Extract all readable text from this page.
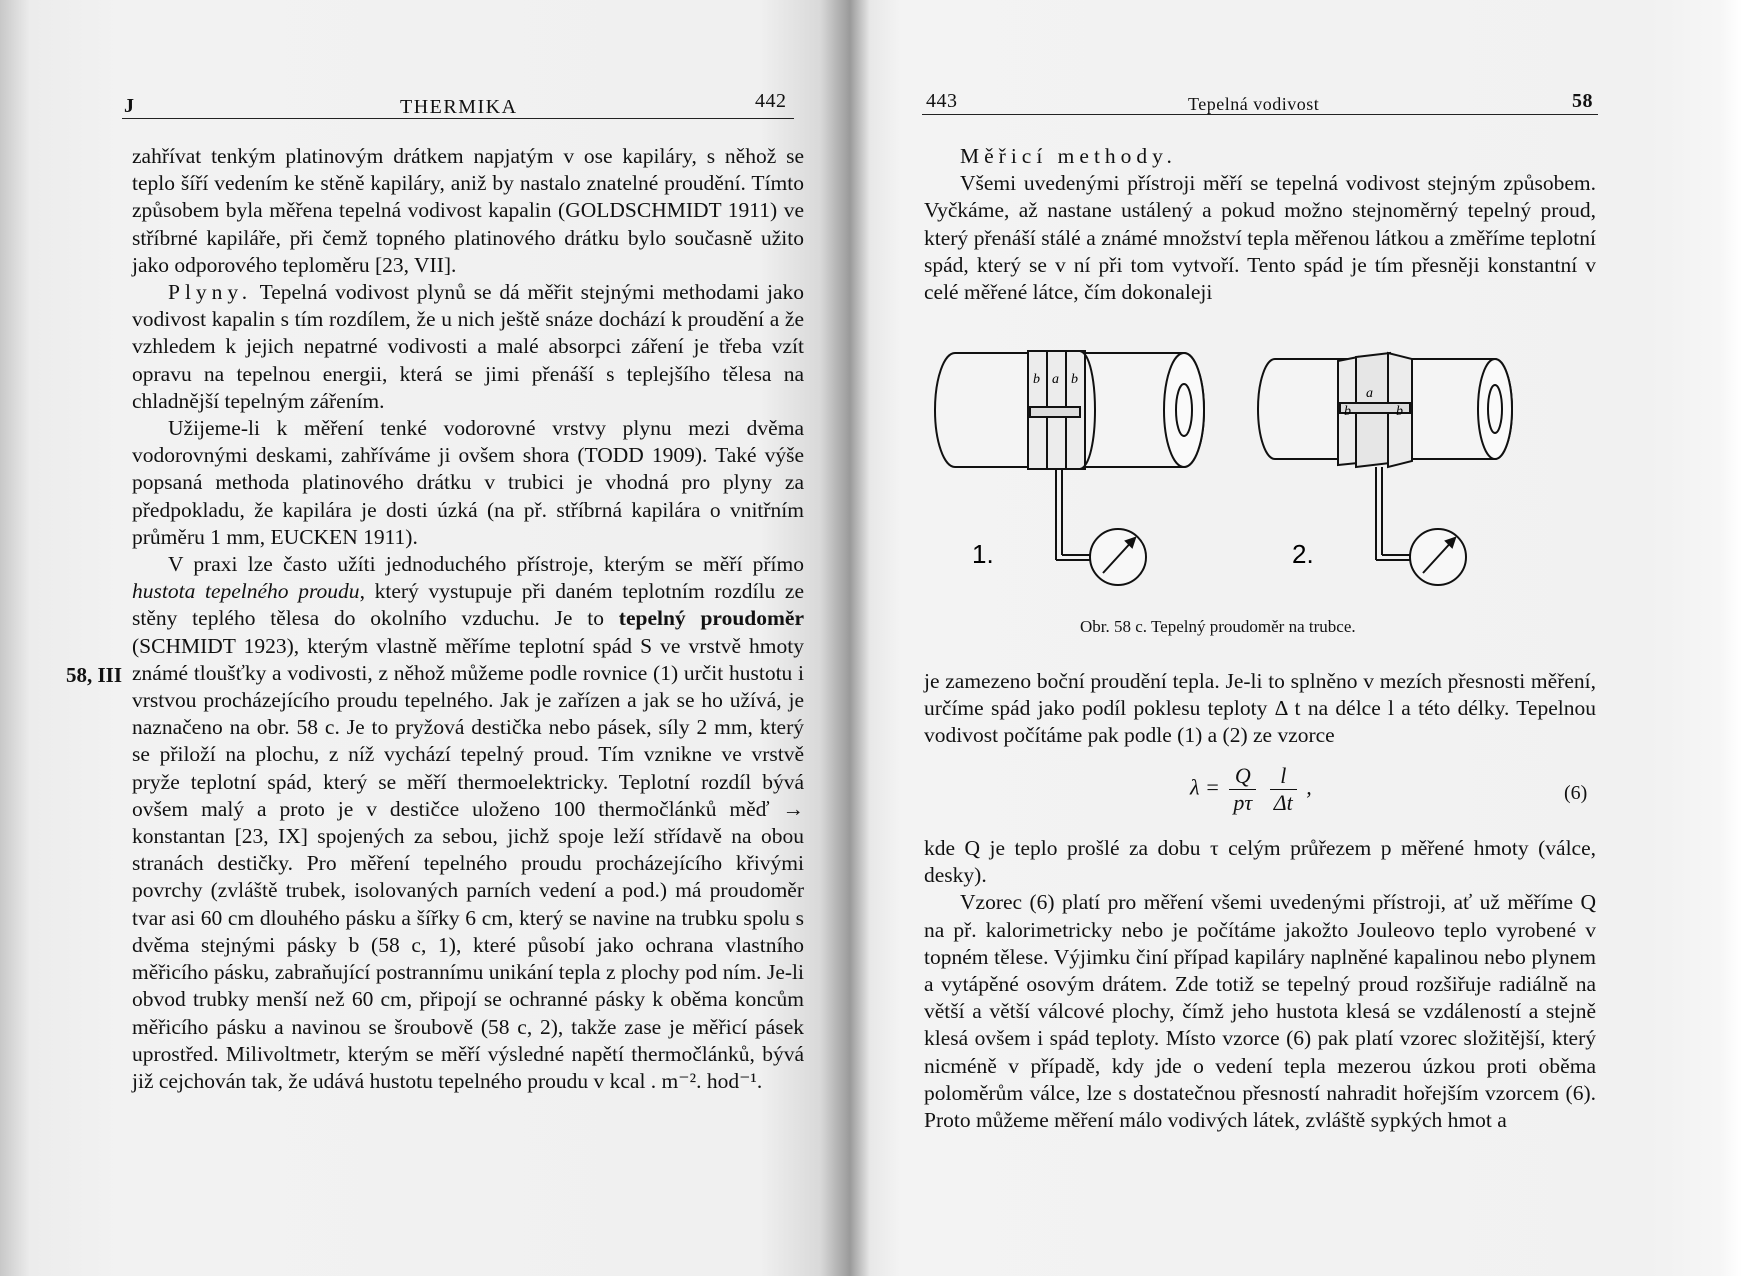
J	THERMIKA	442
58, III

zahřívat tenkým platinovým drátkem napjatým v ose kapiláry, s něhož se teplo šíří vedením ke stěně kapiláry, aniž by nastalo znatelné proudění. Tímto způsobem byla měřena tepelná vodivost kapalin (GOLDSCHMIDT 1911) ve stříbrné kapiláře, při čemž topného platinového drátku bylo současně užito jako odporového teploměru [23, VII].

Plyny. Tepelná vodivost plynů se dá měřit stejnými methodami jako vodivost kapalin s tím rozdílem, že u nich ještě snáze dochází k proudění a že vzhledem k jejich nepatrné vodivosti a malé absorpci záření je třeba vzít opravu na tepelnou energii, která se jimi přenáší s teplejšího tělesa na chladnější tepelným zářením.

Užijeme-li k měření tenké vodorovné vrstvy plynu mezi dvěma vodorovnými deskami, zahříváme ji ovšem shora (TODD 1909). Také výše popsaná methoda platinového drátku v trubici je vhodná pro plyny za předpokladu, že kapilára je dosti úzká (na př. stříbrná kapilára o vnitřním průměru 1 mm, EUCKEN 1911).

V praxi lze často užíti jednoduchého přístroje, kterým se měří přímo hustota tepelného proudu, který vystupuje při daném teplotním rozdílu ze stěny teplého tělesa do okolního vzduchu. Je to tepelný proudoměr (SCHMIDT 1923), kterým vlastně měříme teplotní spád S ve vrstvě hmoty známé tloušťky a vodivosti, z něhož můžeme podle rovnice (1) určit hustotu i vrstvou procházejícího proudu tepelného. Jak je zařízen a jak se ho užívá, je naznačeno na obr. 58 c. Je to pryžová destička nebo pásek, síly 2 mm, který se přiloží na plochu, z níž vychází tepelný proud. Tím vznikne ve vrstvě pryže teplotní spád, který se měří thermoelektricky. Teplotní rozdíl bývá ovšem malý a proto je v destičce uloženo 100 thermočlánků měď → konstantan [23, IX] spojených za sebou, jichž spoje leží střídavě na obou stranách destičky. Pro měření tepelného proudu procházejícího křivými povrchy (zvláště trubek, isolovaných parních vedení a pod.) má proudoměr tvar asi 60 cm dlouhého pásku a šířky 6 cm, který se navine na trubku spolu s dvěma stejnými pásky b (58 c, 1), které působí jako ochrana vlastního měřicího pásku, zabraňující postrannímu unikání tepla z plochy pod ním. Je-li obvod trubky menší než 60 cm, připojí se ochranné pásky k oběma koncům měřicího pásku a navinou se šroubově (58 c, 2), takže zase je měřicí pásek uprostřed. Milivoltmetr, kterým se měří výsledné napětí thermočlánků, bývá již cejchován tak, že udává hustotu tepelného proudu v kcal . m⁻². hod⁻¹.

443	Tepelná vodivost	58

Měřicí methody.

Všemi uvedenými přístroji měří se tepelná vodivost stejným způsobem. Vyčkáme, až nastane ustálený a pokud možno stejnoměrný tepelný proud, který přenáší stálé a známé množství tepla měřenou látkou a změříme teplotní spád, který se v ní při tom vytvoří. Tento spád je tím přesněji konstantní v celé měřené látce, čím dokonaleji

b a b
1.
b
a
b
2.
Obr. 58 c. Tepelný proudoměr na trubce.

je zamezeno boční proudění tepla. Je-li to splněno v mezích přesnosti měření, určíme spád jako podíl poklesu teploty Δ t na délce l a této délky. Tepelnou vodivost počítáme pak podle (1) a (2) ze vzorce

$\lambda = \frac{Q}{p\tau}$
$\frac{l}{\Delta t}$ ,	(6)

kde Q je teplo prošlé za dobu τ celým průřezem p měřené hmoty (válce, desky).

Vzorec (6) platí pro měření všemi uvedenými přístroji, ať už měříme Q na př. kalorimetricky nebo je počítáme jakožto Jouleovo teplo vyrobené v topném tělese. Výjimku činí případ kapiláry naplněné kapalinou nebo plynem a vytápěné osovým drátem. Zde totiž se tepelný proud rozšiřuje radiálně na větší a větší válcové plochy, čímž jeho hustota klesá se vzdáleností a stejně klesá ovšem i spád teploty. Místo vzorce (6) pak platí vzorec složitější, který nicméně v případě, kdy jde o vedení tepla mezerou úzkou proti oběma poloměrům válce, lze s dostatečnou přesností nahradit hořejším vzorcem (6). Proto můžeme měření málo vodivých látek, zvláště sypkých hmot a
